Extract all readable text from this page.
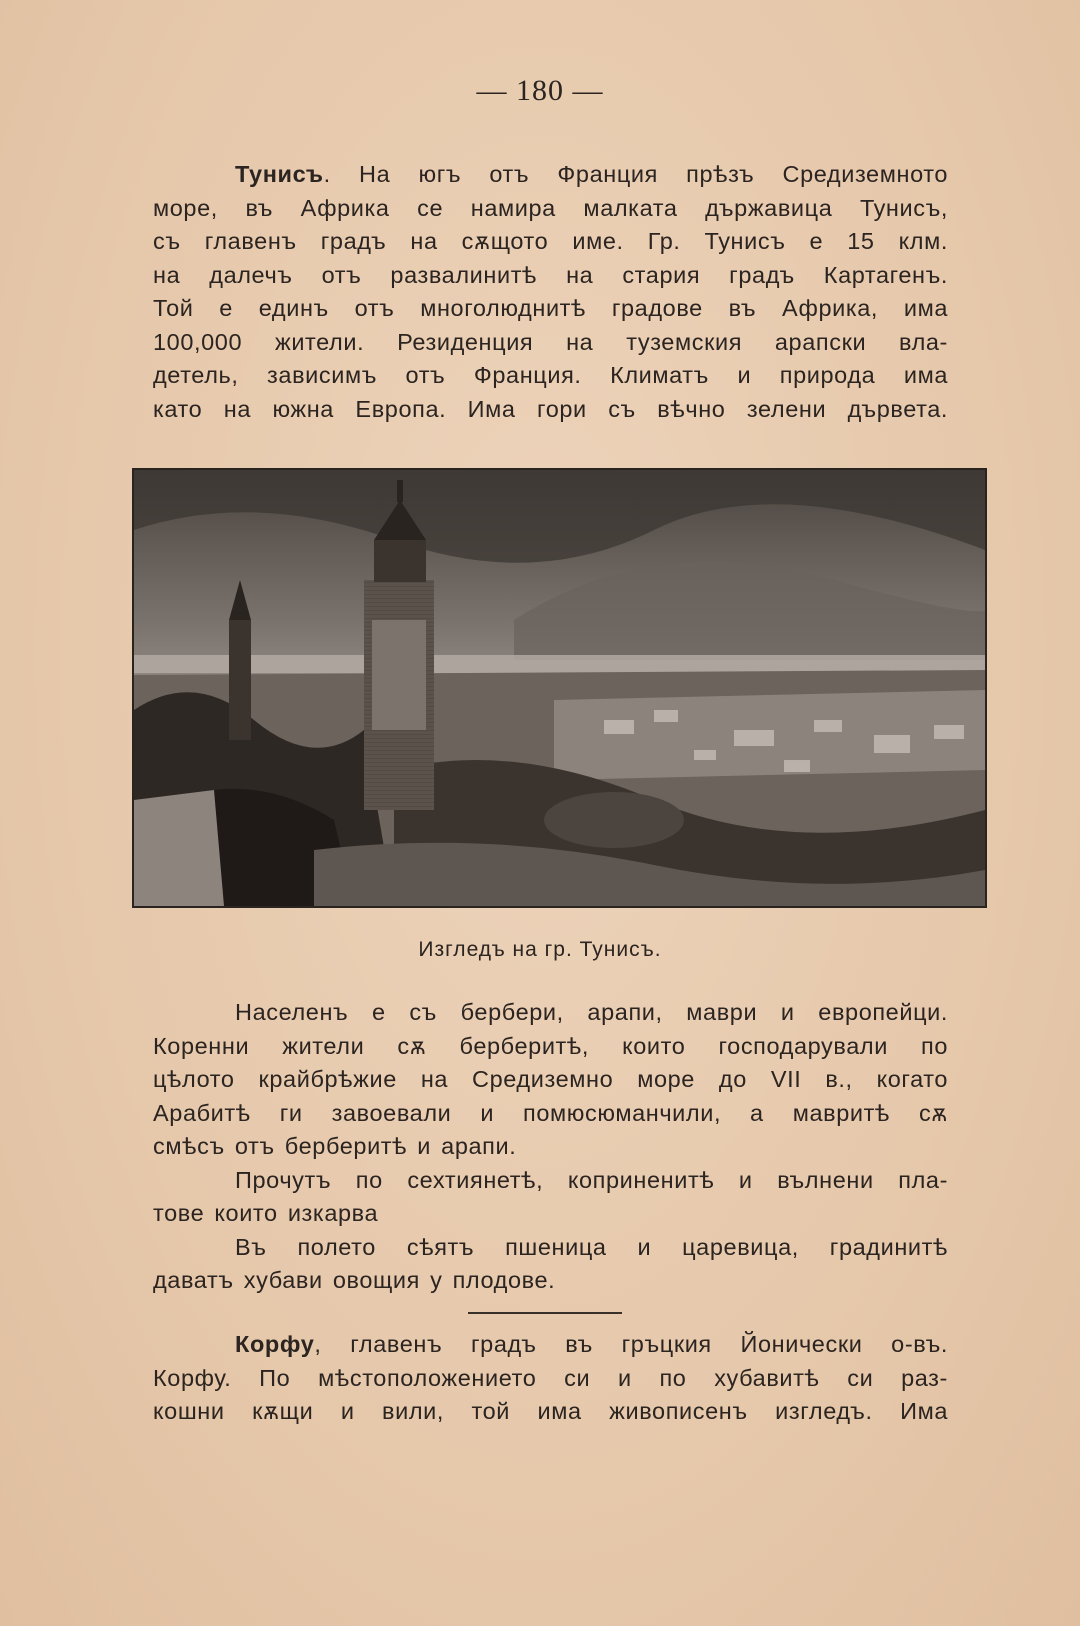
— 180 —
Тунисъ. На югъ отъ Франция прѣзъ Средиземното
море, въ Африка се намира малката държавица Тунисъ,
съ главенъ градъ на сѫщото име. Гр. Тунисъ е 15 клм.
на далечъ отъ развалинитѣ на стария градъ Картагенъ.
Той е единъ отъ многолюднитѣ градове въ Африка, има
100,000 жители. Резиденция на туземския арапски вла-
детель, зависимъ отъ Франция. Климатъ и природа има
като на южна Европа. Има гори съ вѣчно зелени дървета.
Изгледъ на гр. Тунисъ.
Населенъ е съ бербери, арапи, мaври и европейци.
Коренни жители сѫ берберитѣ, които господарували по
цѣлото крайбрѣжие на Средиземно море до VII в., когато
Арабитѣ ги завоевали и помюсюманчили, а мавритѣ сѫ
смѣсъ отъ берберитѣ и арапи.
Прочутъ по сехтиянетѣ, коприненитѣ и вълнени пла-
тове които изкарва
Въ полето сѣятъ пшеница и царевица, градинитѣ
даватъ хубави овощия у плодове.
Корфу, главенъ градъ въ гръцкия Йонически о-въ.
Корфу. По мѣстоположението си и по хубавитѣ си раз-
кошни кѫщи и вили, той има живописенъ изгледъ. Има
